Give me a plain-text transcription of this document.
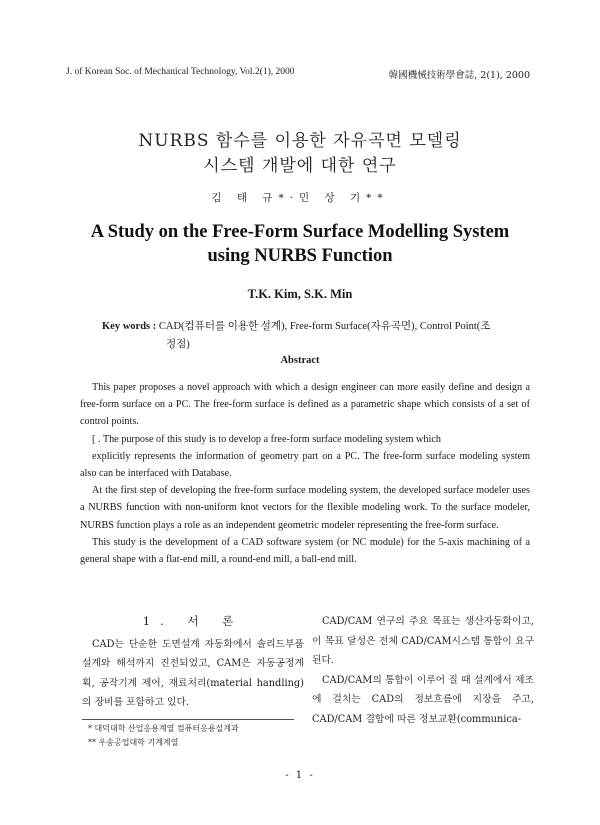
J. of Korean Soc. of Mechanical Technology, Vol.2(1), 2000	韓國機械技術學會誌, 2(1), 2000
NURBS 함수를 이용한 자유곡면 모델링
시스템 개발에 대한 연구
김 태 규*·민 상 기**
A Study on the Free-Form Surface Modelling System
using NURBS Function
T.K. Kim, S.K. Min
Key words : CAD(컴퓨터를 이용한 설계), Free-form Surface(자유곡면), Control Point(조
정점)
Abstract

This paper proposes a novel approach with which a design engineer can more easily define and design a free-form surface on a PC. The free-form surface is defined as a parametric shape which consists of a set of control points.

[ . The purpose of this study is to develop a free-form surface modeling system which

explicitly represents the information of geometry part on a PC. The free-form surface modeling system also can be interfaced with Database.

At the first step of developing the free-form surface modeling system, the developed surface modeler uses a NURBS function with non-uniform knot vectors for the flexible modeling work. To the surface modeler, NURBS function plays a role as an independent geometric modeler representing the free-form surface.

This study is the development of a CAD software system (or NC module) for the 5-axis machining of a general shape with a flat-end mill, a round-end mill, a ball-end mill.

1. 서 론

CAD는 단순한 도면설계 자동화에서 솔리드부품 설계와 해석까지 진전되었고, CAM은 자동공정계획, 공작기계 제어, 재료처리(material handling)의 장비를 포함하고 있다.

CAD/CAM 연구의 주요 목표는 생산자동화이고, 이 목표 달성은 전체 CAD/CAM시스템 통합이 요구된다.

CAD/CAM의 통합이 이루어 질 때 설계에서 제조에 걸치는 CAD의 정보흐름에 지장을 주고, CAD/CAM 결합에 따른 정보교환(communica-

* 대덕대학 산업응용계열 컴퓨터응용설계과
** 우송공업대학 기계계열
- 1 -
